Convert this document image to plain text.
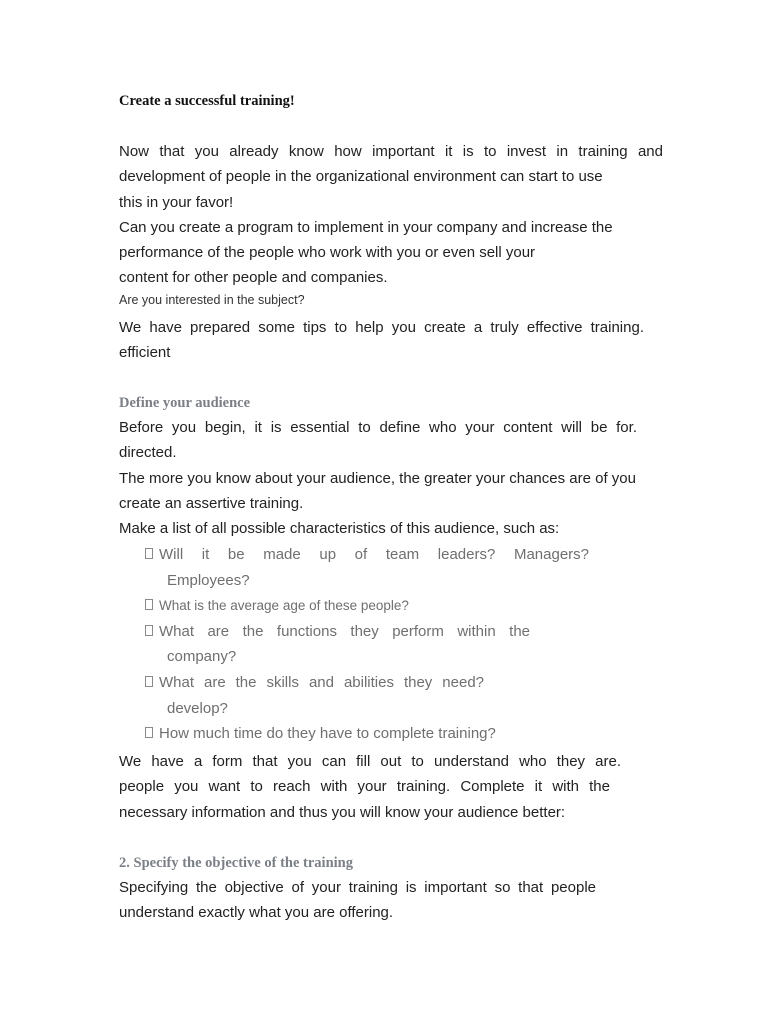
Create a successful training!

Now that you already know how important it is to invest in training and
development of people in the organizational environment can start to use
this in your favor!
Can you create a program to implement in your company and increase the
performance of the people who work with you or even sell your
content for other people and companies.

Are you interested in the subject?

We have prepared some tips to help you create a truly effective training.
efficient

Define your audience

Before you begin, it is essential to define who your content will be for.
directed.
The more you know about your audience, the greater your chances are of you
create an assertive training.
Make a list of all possible characteristics of this audience, such as:

Will it be made up of team leaders? Managers?
Employees?
What is the average age of these people?
What are the functions they perform within the
company?
What are the skills and abilities they need?
develop?
How much time do they have to complete training?

We have a form that you can fill out to understand who they are.
people you want to reach with your training. Complete it with the
necessary information and thus you will know your audience better:

2. Specify the objective of the training

Specifying the objective of your training is important so that people
understand exactly what you are offering.
